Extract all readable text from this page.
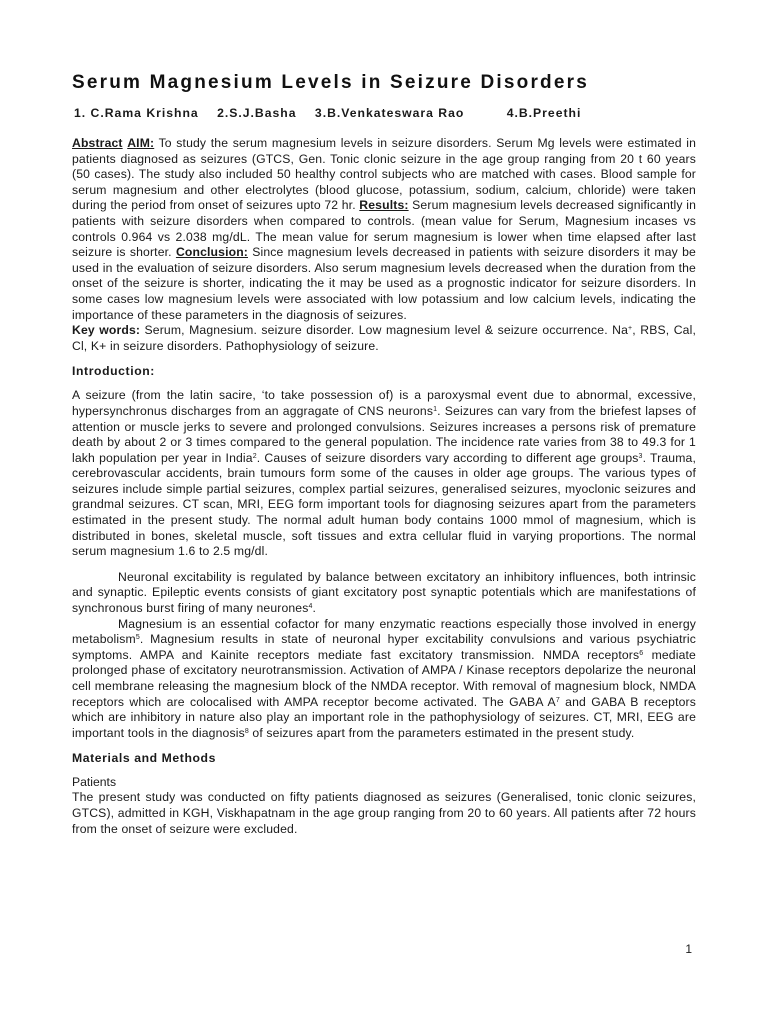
Serum Magnesium Levels in Seizure Disorders
1. C.Rama Krishna 2.S.J.Basha 3.B.Venkateswara Rao	4.B.Preethi

Abstract AIM: To study the serum magnesium levels in seizure disorders. Serum Mg levels were estimated in patients diagnosed as seizures (GTCS, Gen. Tonic clonic seizure in the age group ranging from 20 t 60 years (50 cases). The study also included 50 healthy control subjects who are matched with cases. Blood sample for serum magnesium and other electrolytes (blood glucose, potassium, sodium, calcium, chloride) were taken during the period from onset of seizures upto 72 hr. Results: Serum magnesium levels decreased significantly in patients with seizure disorders when compared to controls. (mean value for Serum, Magnesium incases vs controls 0.964 vs 2.038 mg/dL. The mean value for serum magnesium is lower when time elapsed after last seizure is shorter. Conclusion: Since magnesium levels decreased in patients with seizure disorders it may be used in the evaluation of seizure disorders. Also serum magnesium levels decreased when the duration from the onset of the seizure is shorter, indicating the it may be used as a prognostic indicator for seizure disorders. In some cases low magnesium levels were associated with low potassium and low calcium levels, indicating the importance of these parameters in the diagnosis of seizures.

Key words: Serum, Magnesium. seizure disorder. Low magnesium level & seizure occurrence. Na+, RBS, Cal, Cl, K+ in seizure disorders. Pathophysiology of seizure.

Introduction:

A seizure (from the latin sacire, ‘to take possession of) is a paroxysmal event due to abnormal, excessive, hypersynchronus discharges from an aggragate of CNS neurons$^1$. Seizures can vary from the briefest lapses of attention or muscle jerks to severe and prolonged convulsions. Seizures increases a persons risk of premature death by about 2 or 3 times compared to the general population. The incidence rate varies from 38 to 49.3 for 1 lakh population per year in India$^2$. Causes of seizure disorders vary according to different age groups$^3$. Trauma, cerebrovascular accidents, brain tumours form some of the causes in older age groups. The various types of seizures include simple partial seizures, complex partial seizures, generalised seizures, myoclonic seizures and grandmal seizures. CT scan, MRI, EEG form important tools for diagnosing seizures apart from the parameters estimated in the present study. The normal adult human body contains 1000 mmol of magnesium, which is distributed in bones, skeletal muscle, soft tissues and extra cellular fluid in varying proportions. The normal serum magnesium 1.6 to 2.5 mg/dl.

Neuronal excitability is regulated by balance between excitatory an inhibitory influences, both intrinsic and synaptic. Epileptic events consists of giant excitatory post synaptic potentials which are manifestations of synchronous burst firing of many neurones$^4$.

Magnesium is an essential cofactor for many enzymatic reactions especially those involved in energy metabolism$^5$. Magnesium results in state of neuronal hyper excitability convulsions and various psychiatric symptoms. AMPA and Kainite receptors mediate fast excitatory transmission. NMDA receptors$^6$ mediate prolonged phase of excitatory neurotransmission. Activation of AMPA / Kinase receptors depolarize the neuronal cell membrane releasing the magnesium block of the NMDA receptor. With removal of magnesium block, NMDA receptors which are colocalised with AMPA receptor become activated. The GABA $A^7$ and GABA B receptors which are inhibitory in nature also play an important role in the pathophysiology of seizures. CT, MRI, EEG are important tools in the diagnosis$^8$ of seizures apart from the parameters estimated in the present study.

Materials and Methods
Patients

The present study was conducted on fifty patients diagnosed as seizures (Generalised, tonic clonic seizures, GTCS), admitted in KGH, Viskhapatnam in the age group ranging from 20 to 60 years. All patients after 72 hours from the onset of seizure were excluded.

1
